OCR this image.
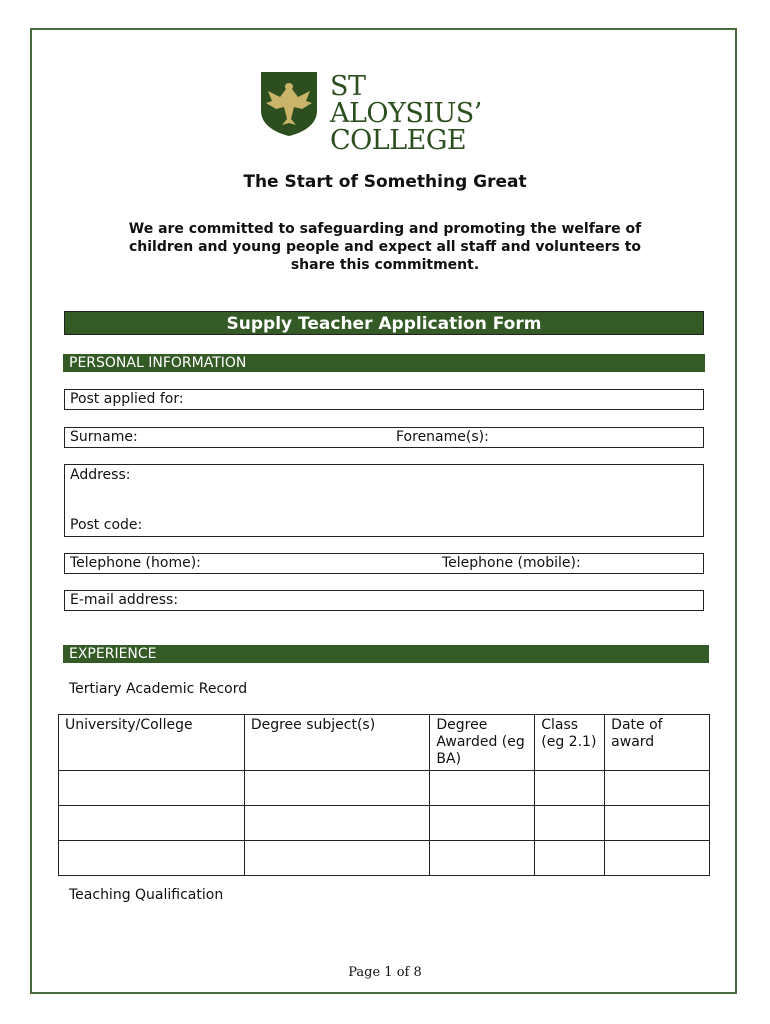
ST ALOYSIUS’
COLLEGE
The Start of Something Great
We are committed to safeguarding and promoting the welfare of children and young people and expect all staff and volunteers to share this commitment.
Supply Teacher Application Form
PERSONAL INFORMATION
Post applied for:
Surname:	Forename(s):
Address:
Post code:
Telephone (home):	Telephone (mobile):
E-mail address:
EXPERIENCE
Tertiary Academic Record
University/College	Degree subject(s)	Degree Awarded (eg BA)	Class (eg 2.1)	Date of award

Teaching Qualification
Page 1 of 8
